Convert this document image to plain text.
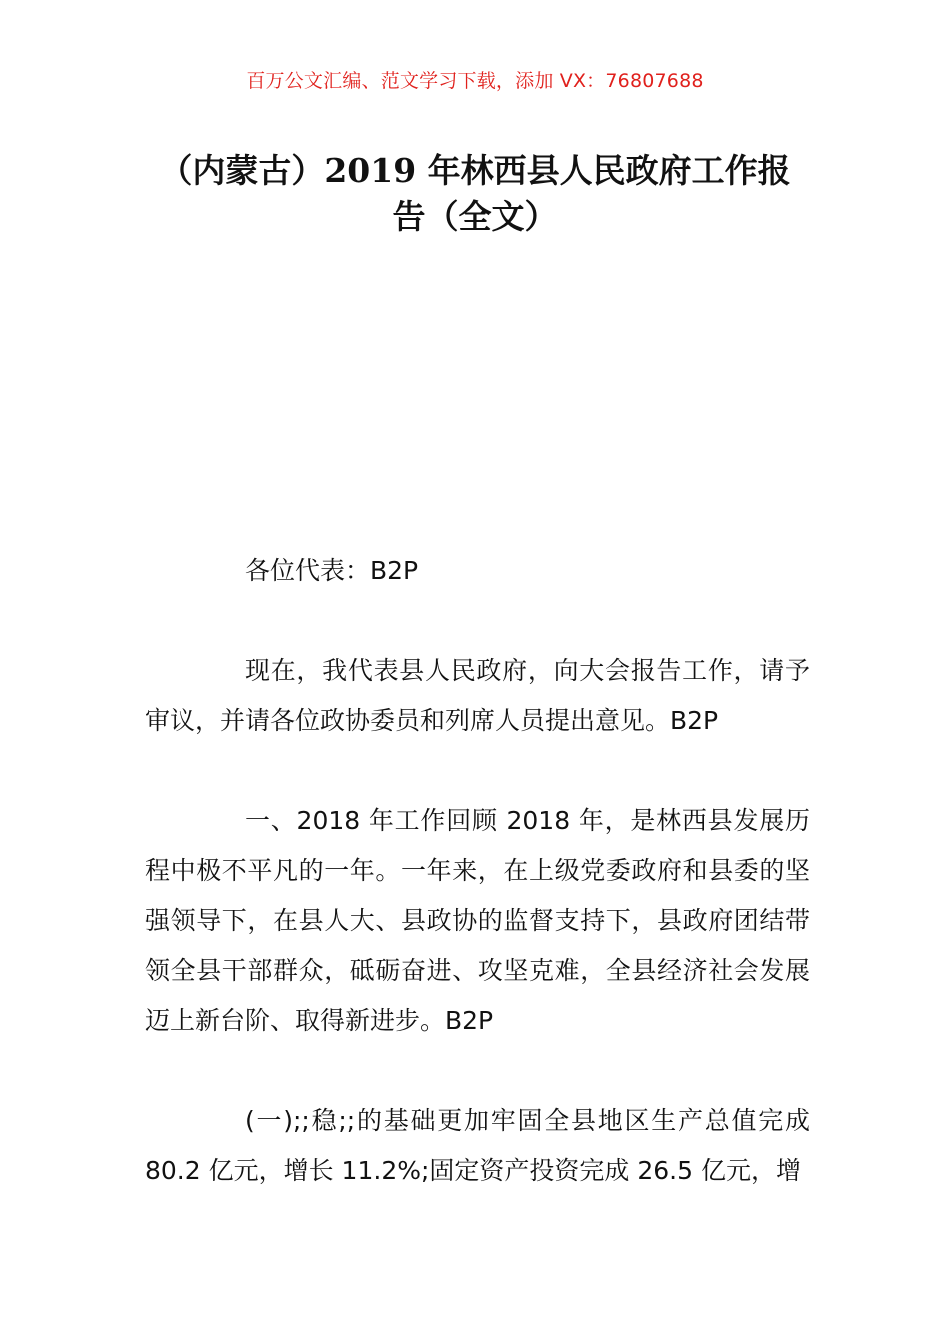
百万公文汇编、范文学习下载，添加 VX：76807688
（内蒙古）2019 年林西县人民政府工作报
告（全文）

各位代表：B2P

现在，我代表县人民政府，向大会报告工作，请予审议，并请各位政协委员和列席人员提出意见。B2P

一、2018 年工作回顾 2018 年，是林西县发展历程中极不平凡的一年。一年来，在上级党委政府和县委的坚强领导下，在县人大、县政协的监督支持下，县政府团结带领全县干部群众，砥砺奋进、攻坚克难，全县经济社会发展迈上新台阶、取得新进步。B2P

(一);;稳;;的基础更加牢固全县地区生产总值完成 80.2 亿元，增长 11.2%;固定资产投资完成 26.5 亿元，增
